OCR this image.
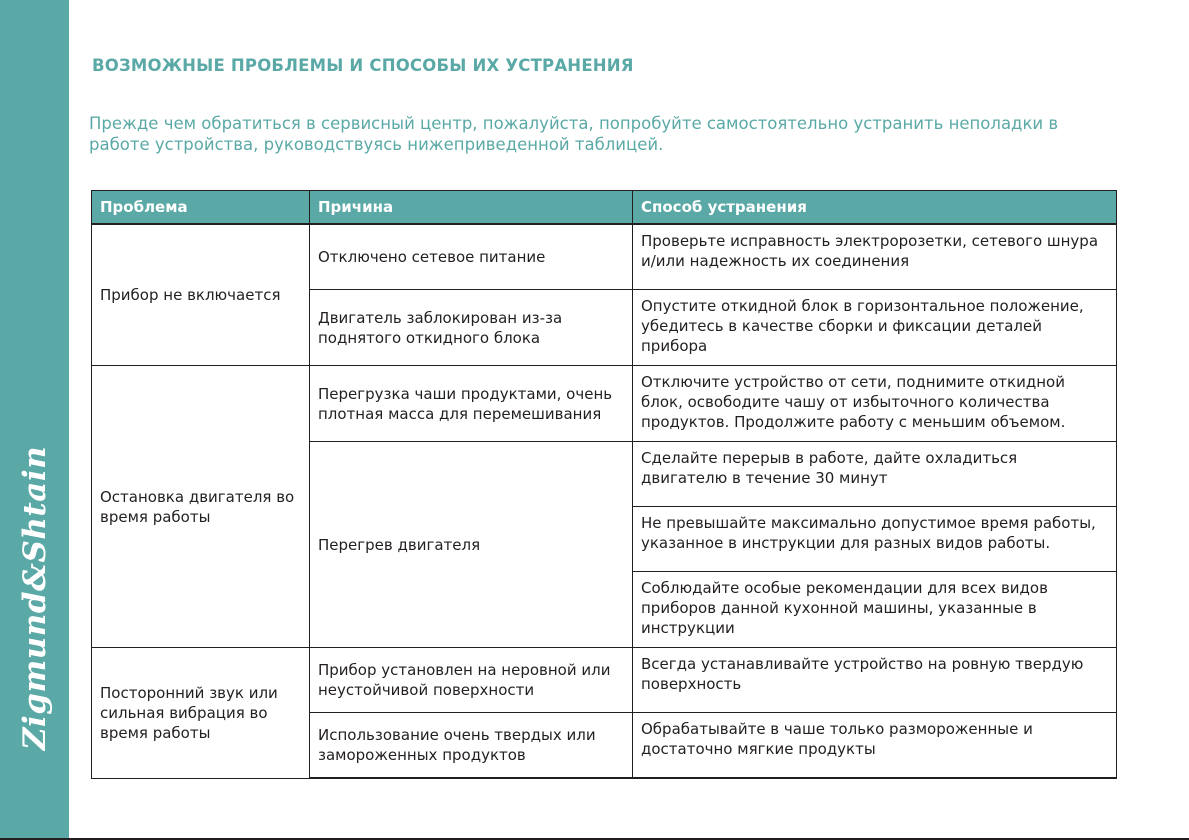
Zigmund&Shtain
ВОЗМОЖНЫЕ ПРОБЛЕМЫ И СПОСОБЫ ИХ УСТРАНЕНИЯ
Прежде чем обратиться в сервисный центр, пожалуйста, попробуйте самостоятельно устранить неполадки в работе устройства, руководствуясь нижеприведенной таблицей.
Проблема	Причина	Способ устранения
Прибор не включается	Отключено сетевое питание	Проверьте исправность электророзетки, сетевого шнура и/или надежность их соединения
	Двигатель заблокирован из-за поднятого откидного блока	Опустите откидной блок в горизонтальное положение, убедитесь в качестве сборки и фиксации деталей прибора
Остановка двигателя во время работы	Перегрузка чаши продуктами, очень плотная масса для перемешивания	Отключите устройство от сети, поднимите откидной блок, освободите чашу от избыточного количества продуктов. Продолжите работу с меньшим объемом.
	Перегрев двигателя	Сделайте перерыв в работе, дайте охладиться двигателю в течение 30 минут
		Не превышайте максимально допустимое время работы, указанное в инструкции для разных видов работы.
		Соблюдайте особые рекомендации для всех видов приборов данной кухонной машины, указанные в инструкции
Посторонний звук или сильная вибрация во время работы	Прибор установлен на неровной или неустойчивой поверхности	Всегда устанавливайте устройство на ровную твердую поверхность
	Использование очень твердых или замороженных продуктов	Обрабатывайте в чаше только размороженные и достаточно мягкие продукты
